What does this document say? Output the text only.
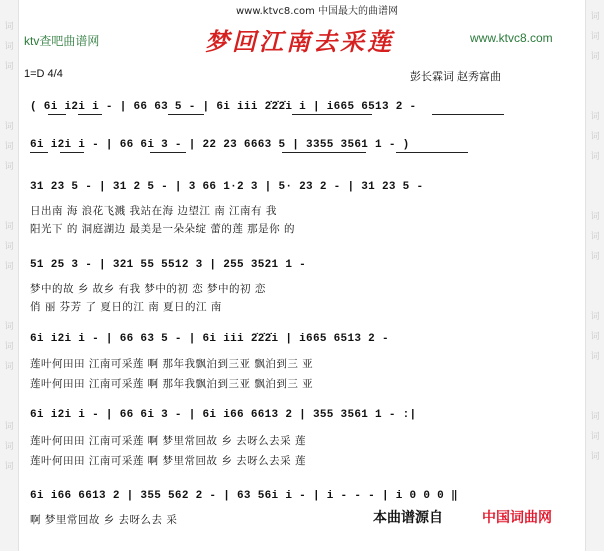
词
词
词
词
词
词
词
词
词
词
词
词
词
词
词
词
词
词
词
词
词
词
词
词
词
词
词
词
词
词
www.ktvc8.com 中国最大的曲谱网
ktv查吧曲谱网	梦回江南去采莲	www.ktvc8.com
1=D 4/4	彭长霖词 赵秀富曲
( 6i i2i i - | 66 63 5 - | 6i iii 2̇2̇2̇i i | i665 6513 2 -
6i i2i i - | 66 6i 3 - | 22 23 6663 5 | 3355 3561 1 - )
31 23 5 - | 31 2 5 - | 3 66 1·2 3 | 5· 23 2 - | 31 23 5 -
日出南 海 浪花飞溅 我站在海 边望江 南 江南有 我
阳光下 的 洞庭湖边 最美是一朵朵绽 蕾的莲 那是你 的
51 25 3 - | 321 55 5512 3 | 255 3521 1 -
梦中的故 乡 故乡 有我 梦中的初 恋 梦中的初 恋
俏 丽 芬芳 了 夏日的江 南 夏日的江 南
6i i2i i - | 66 63 5 - | 6i iii 2̇2̇2̇i | i665 6513 2 -
莲叶何田田 江南可采莲 啊 那年我飘泊到三亚 飘泊到三 亚
莲叶何田田 江南可采莲 啊 那年我飘泊到三亚 飘泊到三 亚
6i i2i i - | 66 6i 3 - | 6i i66 6613 2 | 355 3561 1 - :|
莲叶何田田 江南可采莲 啊 梦里常回故 乡 去呀么去采 莲
莲叶何田田 江南可采莲 啊 梦里常回故 乡 去呀么去采 莲
6i i66 6613 2 | 355 562 2 - | 63 56i i - | i - - - | i 0 0 0 ‖
啊 梦里常回故 乡 去呀么去 采	本曲谱源自	中国词曲网
